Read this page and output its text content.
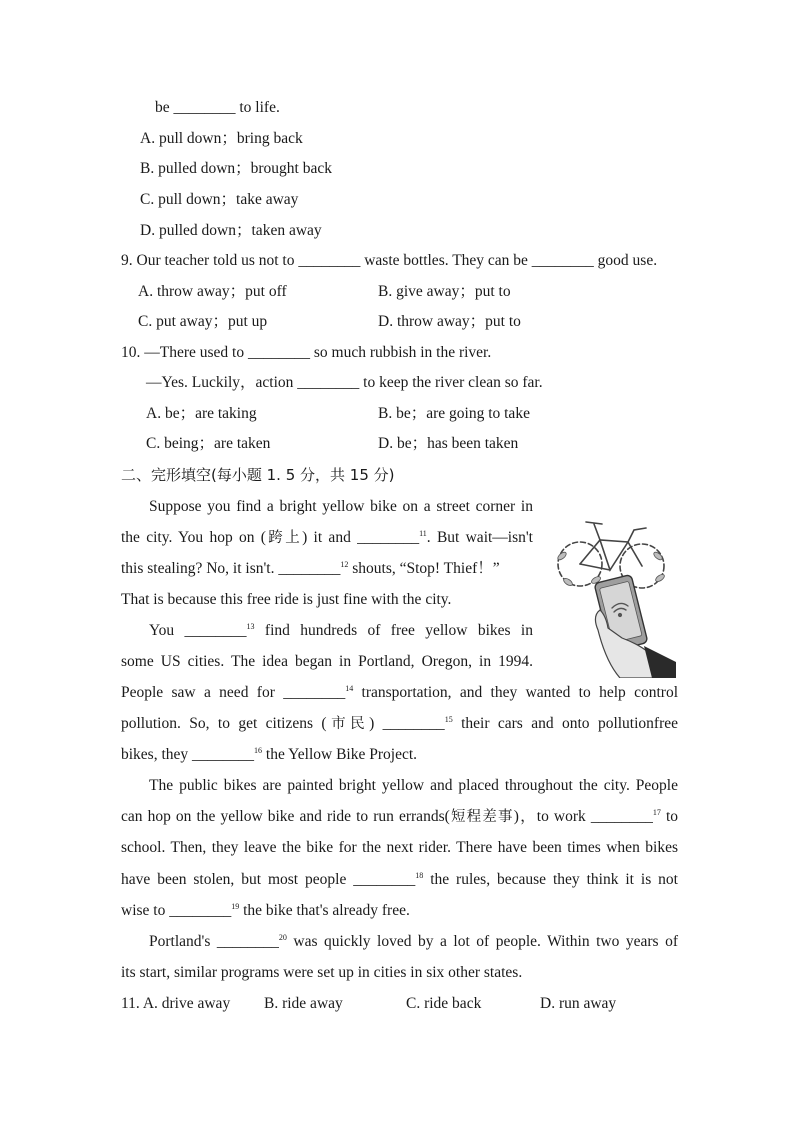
be ________ to life.
A. pull down；bring back
B. pulled down；brought back
C. pull down；take away
D. pulled down；taken away
9. Our teacher told us not to ________ waste bottles. They can be ________ good use.
A. throw away；put off	B. give away；put to
C. put away；put up	D. throw away；put to
10. —There used to ________ so much rubbish in the river.
—Yes. Luckily，action ________ to keep the river clean so far.
A. be；are taking	B. be；are going to take
C. being；are taken	D. be；has been taken
二、完形填空(每小题 1. 5 分，共 15 分)
Suppose you find a bright yellow bike on a street corner in
the city. You hop on (跨上) it and ________$^{11}$. But wait—isn't
this stealing? No, it isn't. ________$^{12}$ shouts, “Stop! Thief！”
That is because this free ride is just fine with the city.
You ________$^{13}$ find hundreds of free yellow bikes in
some US cities. The idea began in Portland, Oregon, in 1994.
People saw a need for ________$^{14}$ transportation, and they wanted to help control
pollution. So, to get citizens (市民) ________$^{15}$ their cars and onto pollutionfree
bikes, they ________$^{16}$ the Yellow Bike Project.
The public bikes are painted bright yellow and placed throughout the city. People
can hop on the yellow bike and ride to run errands(短程差事)，to work ________$^{17}$ to
school. Then, they leave the bike for the next rider. There have been times when bikes
have been stolen, but most people ________$^{18}$ the rules, because they think it is not
wise to ________$^{19}$ the bike that's already free.
Portland's ________$^{20}$ was quickly loved by a lot of people. Within two years of
its start, similar programs were set up in cities in six other states.
11. A. drive away B. ride away	C. ride back	D. run away
